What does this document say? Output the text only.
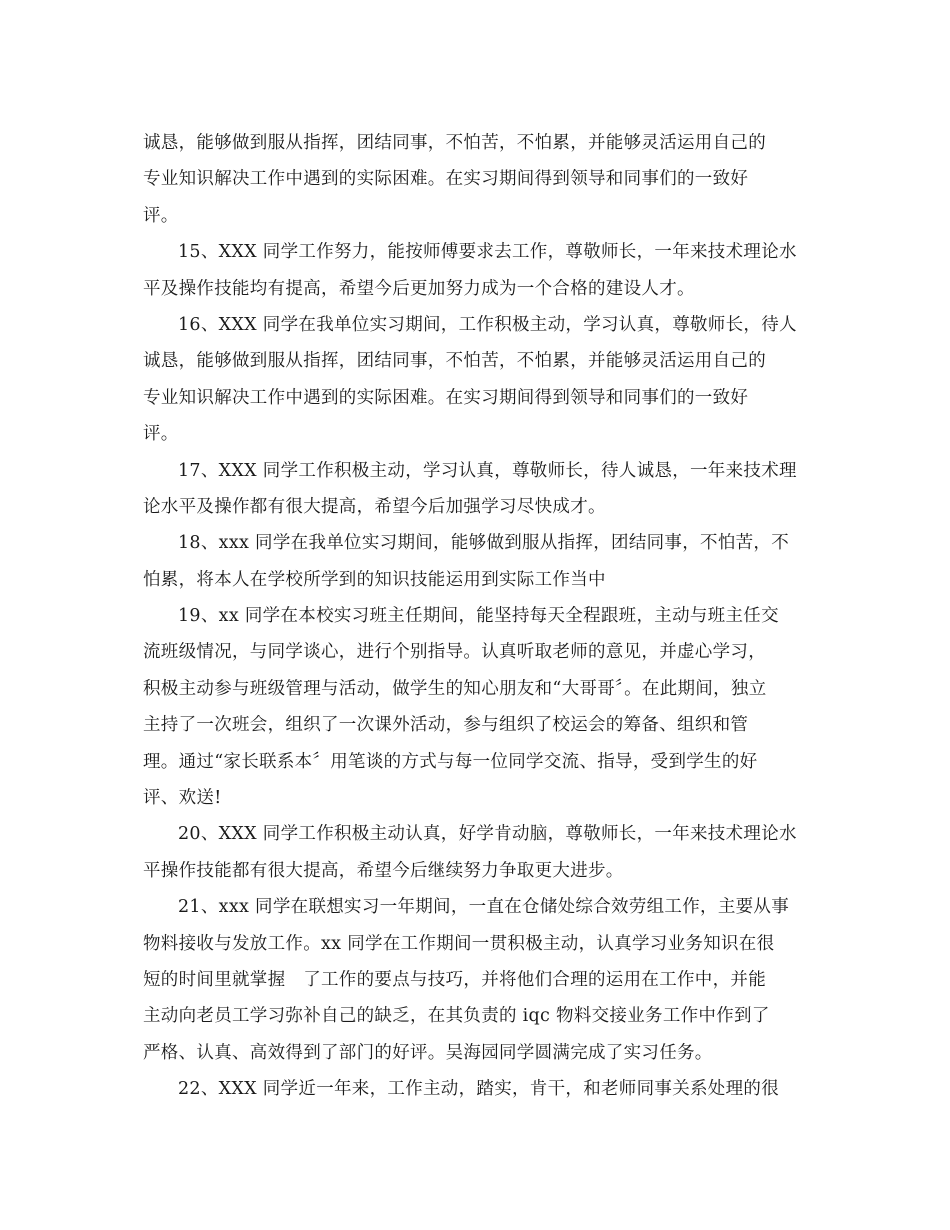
诚恳，能够做到服从指挥，团结同事，不怕苦，不怕累，并能够灵活运用自己的
专业知识解决工作中遇到的实际困难。在实习期间得到领导和同事们的一致好
评。
15、XXX 同学工作努力，能按师傅要求去工作，尊敬师长，一年来技术理论水
平及操作技能均有提高，希望今后更加努力成为一个合格的建设人才。
16、XXX 同学在我单位实习期间，工作积极主动，学习认真，尊敬师长，待人
诚恳，能够做到服从指挥，团结同事，不怕苦，不怕累，并能够灵活运用自己的
专业知识解决工作中遇到的实际困难。在实习期间得到领导和同事们的一致好
评。
17、XXX 同学工作积极主动，学习认真，尊敬师长，待人诚恳，一年来技术理
论水平及操作都有很大提高，希望今后加强学习尽快成才。
18、xxx 同学在我单位实习期间，能够做到服从指挥，团结同事，不怕苦，不
怕累，将本人在学校所学到的知识技能运用到实际工作当中
19、xx 同学在本校实习班主任期间，能坚持每天全程跟班，主动与班主任交
流班级情况，与同学谈心，进行个别指导。认真听取老师的意见，并虚心学习，
积极主动参与班级管理与活动，做学生的知心朋友和“大哥哥〞。在此期间，独立
主持了一次班会，组织了一次课外活动，参与组织了校运会的筹备、组织和管
理。通过“家长联系本〞用笔谈的方式与每一位同学交流、指导，受到学生的好
评、欢送!
20、XXX 同学工作积极主动认真，好学肯动脑，尊敬师长，一年来技术理论水
平操作技能都有很大提高，希望今后继续努力争取更大进步。
21、xxx 同学在联想实习一年期间，一直在仓储处综合效劳组工作，主要从事
物料接收与发放工作。xx 同学在工作期间一贯积极主动，认真学习业务知识在很
短的时间里就掌握　了工作的要点与技巧，并将他们合理的运用在工作中，并能
主动向老员工学习弥补自己的缺乏，在其负责的 iqc 物料交接业务工作中作到了
严格、认真、高效得到了部门的好评。吴海园同学圆满完成了实习任务。
22、XXX 同学近一年来，工作主动，踏实，肯干，和老师同事关系处理的很
